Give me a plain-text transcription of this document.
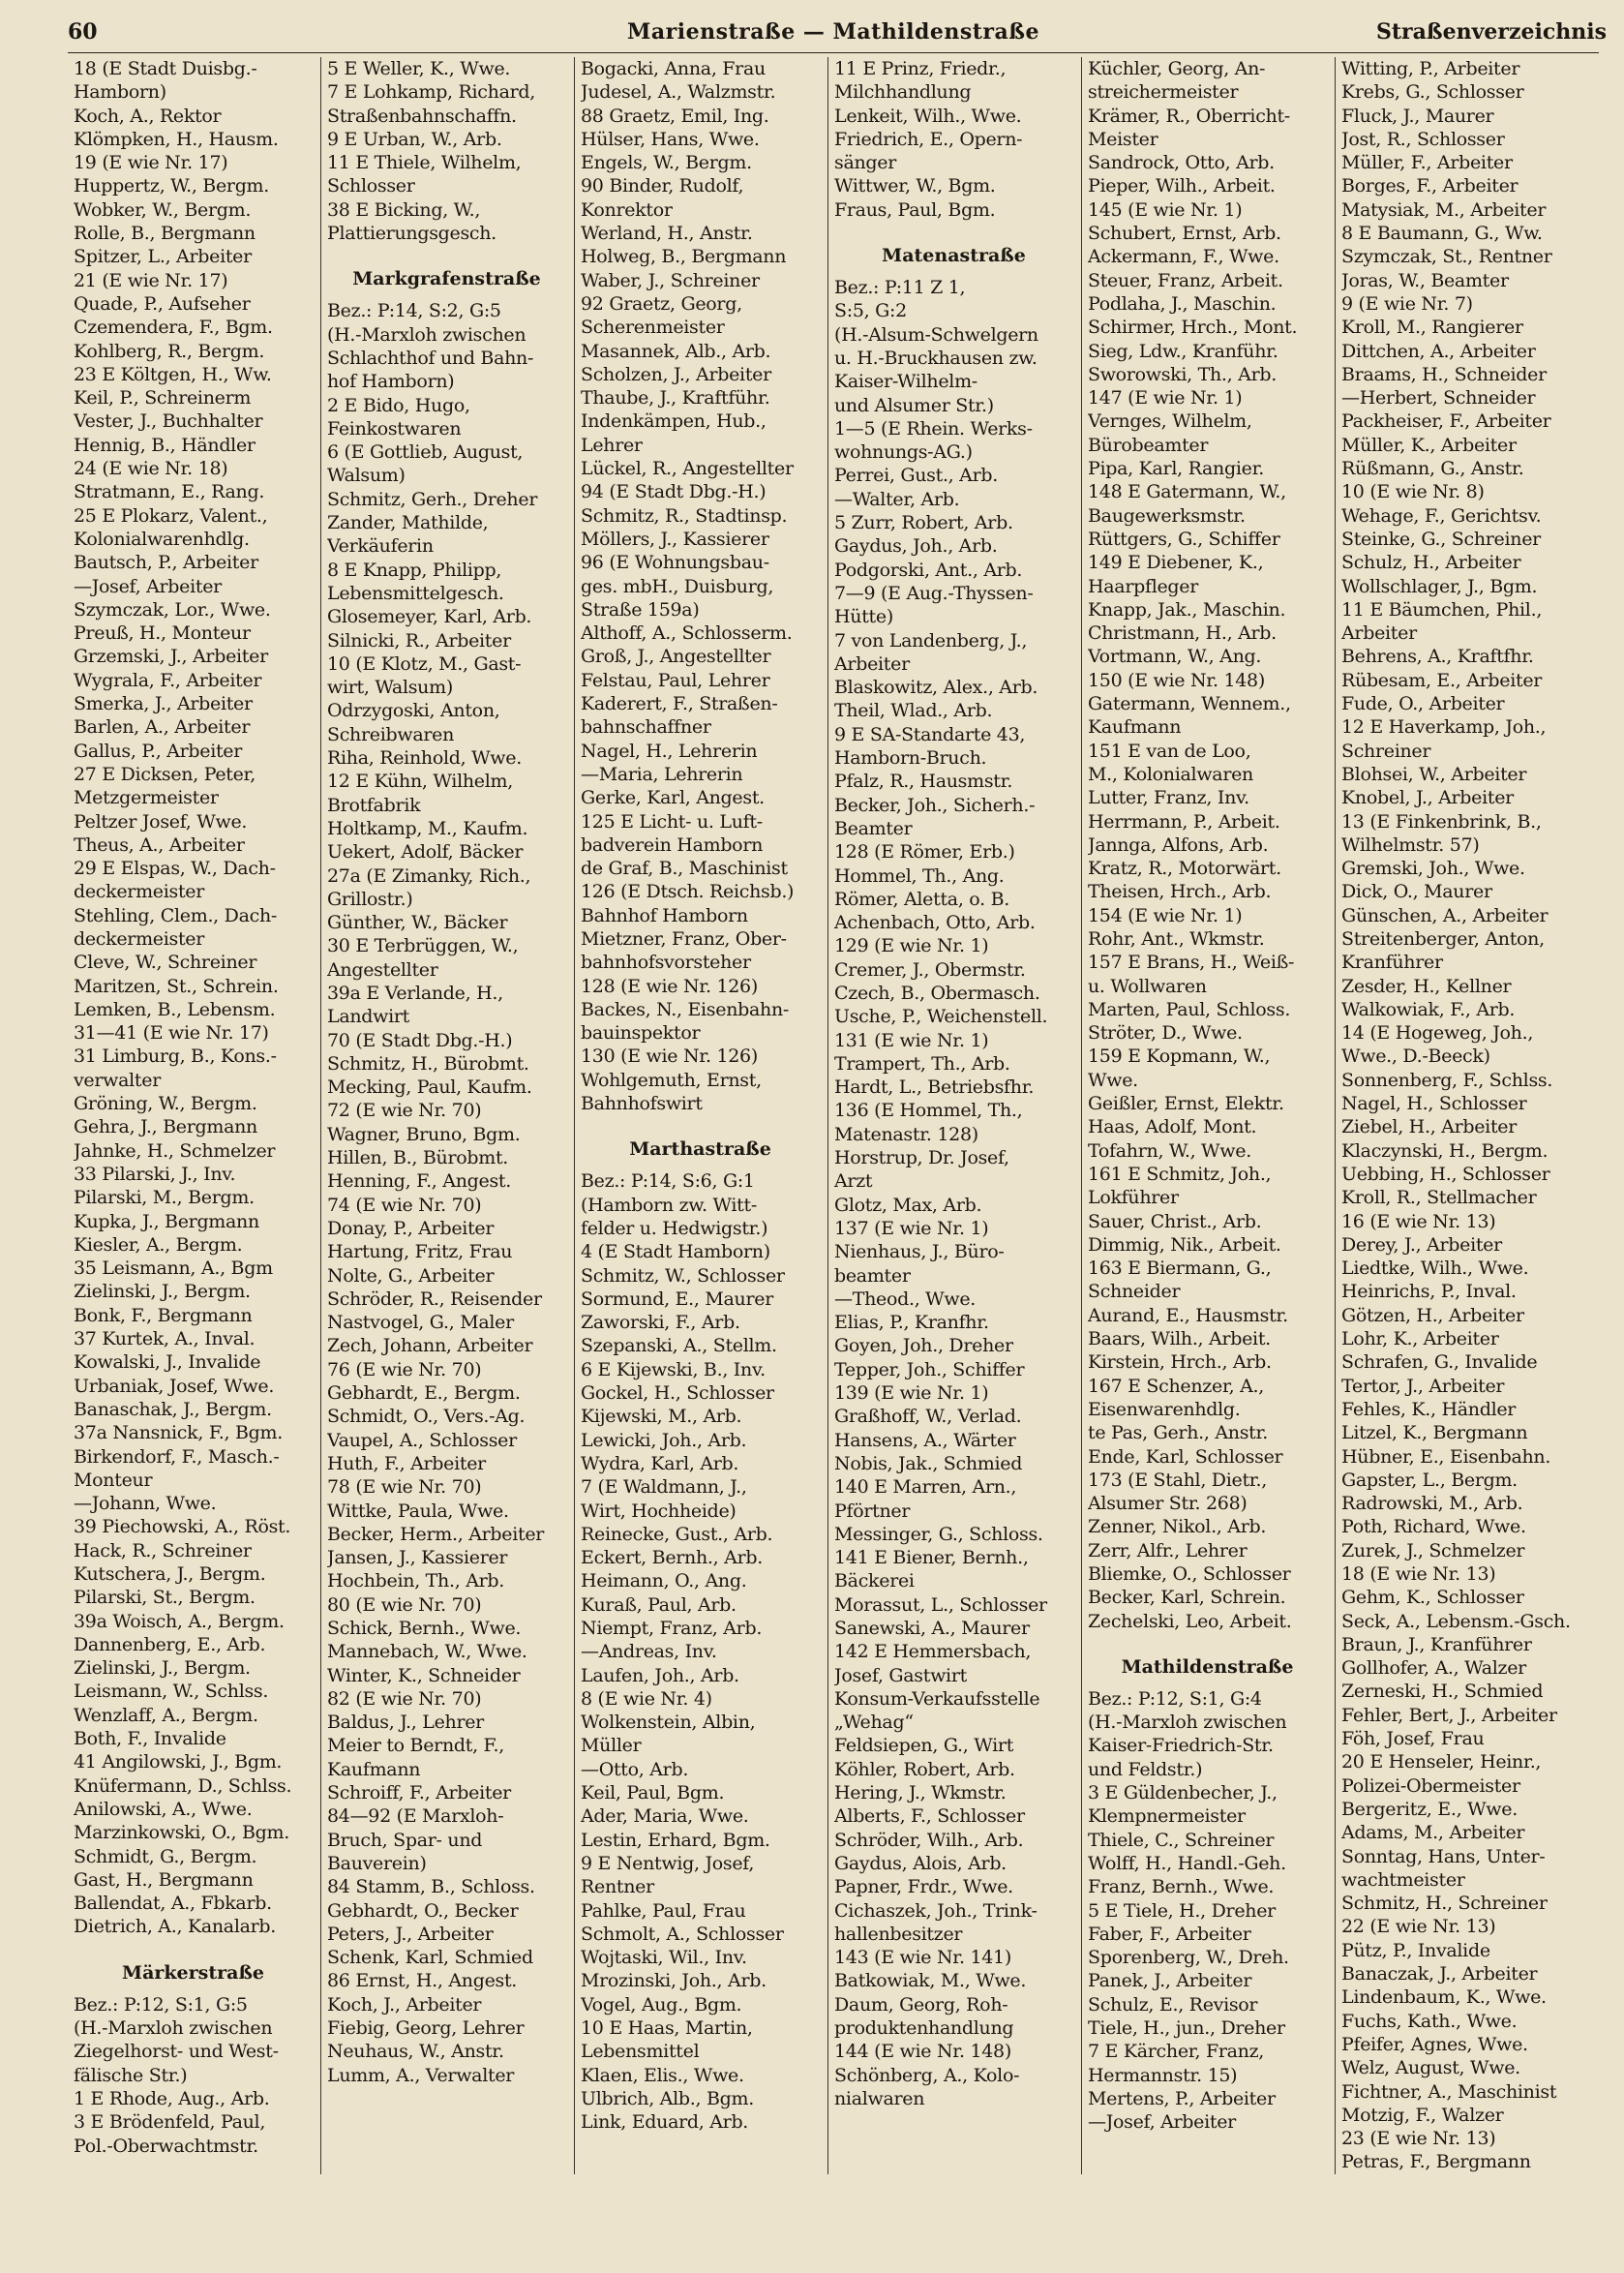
60	Marienstraße — Mathildenstraße	Straßenverzeichnis
18 (E Stadt Duisbg.-
Hamborn)
Koch, A., Rektor
Klömpken, H., Hausm.
19 (E wie Nr. 17)
Huppertz, W., Bergm.
Wobker, W., Bergm.
Rolle, B., Bergmann
Spitzer, L., Arbeiter
21 (E wie Nr. 17)
Quade, P., Aufseher
Czemendera, F., Bgm.
Kohlberg, R., Bergm.
23 E Költgen, H., Ww.
Keil, P., Schreinerm
Vester, J., Buchhalter
Hennig, B., Händler
24 (E wie Nr. 18)
Stratmann, E., Rang.
25 E Plokarz, Valent.,
Kolonialwarenhdlg.
Bautsch, P., Arbeiter
—Josef, Arbeiter
Szymczak, Lor., Wwe.
Preuß, H., Monteur
Grzemski, J., Arbeiter
Wygrala, F., Arbeiter
Smerka, J., Arbeiter
Barlen, A., Arbeiter
Gallus, P., Arbeiter
27 E Dicksen, Peter,
Metzgermeister
Peltzer Josef, Wwe.
Theus, A., Arbeiter
29 E Elspas, W., Dach-
deckermeister
Stehling, Clem., Dach-
deckermeister
Cleve, W., Schreiner
Maritzen, St., Schrein.
Lemken, B., Lebensm.
31—41 (E wie Nr. 17)
31 Limburg, B., Kons.-
verwalter
Gröning, W., Bergm.
Gehra, J., Bergmann
Jahnke, H., Schmelzer
33 Pilarski, J., Inv.
Pilarski, M., Bergm.
Kupka, J., Bergmann
Kiesler, A., Bergm.
35 Leismann, A., Bgm
Zielinski, J., Bergm.
Bonk, F., Bergmann
37 Kurtek, A., Inval.
Kowalski, J., Invalide
Urbaniak, Josef, Wwe.
Banaschak, J., Bergm.
37a Nansnick, F., Bgm.
Birkendorf, F., Masch.-
Monteur
—Johann, Wwe.
39 Piechowski, A., Röst.
Hack, R., Schreiner
Kutschera, J., Bergm.
Pilarski, St., Bergm.
39a Woisch, A., Bergm.
Dannenberg, E., Arb.
Zielinski, J., Bergm.
Leismann, W., Schlss.
Wenzlaff, A., Bergm.
Both, F., Invalide
41 Angilowski, J., Bgm.
Knüfermann, D., Schlss.
Anilowski, A., Wwe.
Marzinkowski, O., Bgm.
Schmidt, G., Bergm.
Gast, H., Bergmann
Ballendat, A., Fbkarb.
Dietrich, A., Kanalarb.
Märkerstraße
Bez.: P:12, S:1, G:5
(H.-Marxloh zwischen
Ziegelhorst- und West-
fälische Str.)
1 E Rhode, Aug., Arb.
3 E Brödenfeld, Paul,
Pol.-Oberwachtmstr.
5 E Weller, K., Wwe.
7 E Lohkamp, Richard,
Straßenbahnschaffn.
9 E Urban, W., Arb.
11 E Thiele, Wilhelm,
Schlosser
38 E Bicking, W.,
Plattierungsgesch.
Markgrafenstraße
Bez.: P:14, S:2, G:5
(H.-Marxloh zwischen
Schlachthof und Bahn-
hof Hamborn)
2 E Bido, Hugo,
Feinkostwaren
6 (E Gottlieb, August,
Walsum)
Schmitz, Gerh., Dreher
Zander, Mathilde,
Verkäuferin
8 E Knapp, Philipp,
Lebensmittelgesch.
Glosemeyer, Karl, Arb.
Silnicki, R., Arbeiter
10 (E Klotz, M., Gast-
wirt, Walsum)
Odrzygoski, Anton,
Schreibwaren
Riha, Reinhold, Wwe.
12 E Kühn, Wilhelm,
Brotfabrik
Holtkamp, M., Kaufm.
Uekert, Adolf, Bäcker
27a (E Zimanky, Rich.,
Grillostr.)
Günther, W., Bäcker
30 E Terbrüggen, W.,
Angestellter
39a E Verlande, H.,
Landwirt
70 (E Stadt Dbg.-H.)
Schmitz, H., Bürobmt.
Mecking, Paul, Kaufm.
72 (E wie Nr. 70)
Wagner, Bruno, Bgm.
Hillen, B., Bürobmt.
Henning, F., Angest.
74 (E wie Nr. 70)
Donay, P., Arbeiter
Hartung, Fritz, Frau
Nolte, G., Arbeiter
Schröder, R., Reisender
Nastvogel, G., Maler
Zech, Johann, Arbeiter
76 (E wie Nr. 70)
Gebhardt, E., Bergm.
Schmidt, O., Vers.-Ag.
Vaupel, A., Schlosser
Huth, F., Arbeiter
78 (E wie Nr. 70)
Wittke, Paula, Wwe.
Becker, Herm., Arbeiter
Jansen, J., Kassierer
Hochbein, Th., Arb.
80 (E wie Nr. 70)
Schick, Bernh., Wwe.
Mannebach, W., Wwe.
Winter, K., Schneider
82 (E wie Nr. 70)
Baldus, J., Lehrer
Meier to Berndt, F.,
Kaufmann
Schroiff, F., Arbeiter
84—92 (E Marxloh-
Bruch, Spar- und
Bauverein)
84 Stamm, B., Schloss.
Gebhardt, O., Becker
Peters, J., Arbeiter
Schenk, Karl, Schmied
86 Ernst, H., Angest.
Koch, J., Arbeiter
Fiebig, Georg, Lehrer
Neuhaus, W., Anstr.
Lumm, A., Verwalter
Bogacki, Anna, Frau
Judesel, A., Walzmstr.
88 Graetz, Emil, Ing.
Hülser, Hans, Wwe.
Engels, W., Bergm.
90 Binder, Rudolf,
Konrektor
Werland, H., Anstr.
Holweg, B., Bergmann
Waber, J., Schreiner
92 Graetz, Georg,
Scherenmeister
Masannek, Alb., Arb.
Scholzen, J., Arbeiter
Thaube, J., Kraftführ.
Indenkämpen, Hub.,
Lehrer
Lückel, R., Angestellter
94 (E Stadt Dbg.-H.)
Schmitz, R., Stadtinsp.
Möllers, J., Kassierer
96 (E Wohnungsbau-
ges. mbH., Duisburg,
Straße 159a)
Althoff, A., Schlosserm.
Groß, J., Angestellter
Felstau, Paul, Lehrer
Kaderert, F., Straßen-
bahnschaffner
Nagel, H., Lehrerin
—Maria, Lehrerin
Gerke, Karl, Angest.
125 E Licht- u. Luft-
badverein Hamborn
de Graf, B., Maschinist
126 (E Dtsch. Reichsb.)
Bahnhof Hamborn
Mietzner, Franz, Ober-
bahnhofsvorsteher
128 (E wie Nr. 126)
Backes, N., Eisenbahn-
bauinspektor
130 (E wie Nr. 126)
Wohlgemuth, Ernst,
Bahnhofswirt
Marthastraße
Bez.: P:14, S:6, G:1
(Hamborn zw. Witt-
felder u. Hedwigstr.)
4 (E Stadt Hamborn)
Schmitz, W., Schlosser
Sormund, E., Maurer
Zaworski, F., Arb.
Szepanski, A., Stellm.
6 E Kijewski, B., Inv.
Gockel, H., Schlosser
Kijewski, M., Arb.
Lewicki, Joh., Arb.
Wydra, Karl, Arb.
7 (E Waldmann, J.,
Wirt, Hochheide)
Reinecke, Gust., Arb.
Eckert, Bernh., Arb.
Heimann, O., Ang.
Kuraß, Paul, Arb.
Niempt, Franz, Arb.
—Andreas, Inv.
Laufen, Joh., Arb.
8 (E wie Nr. 4)
Wolkenstein, Albin,
Müller
—Otto, Arb.
Keil, Paul, Bgm.
Ader, Maria, Wwe.
Lestin, Erhard, Bgm.
9 E Nentwig, Josef,
Rentner
Pahlke, Paul, Frau
Schmolt, A., Schlosser
Wojtaski, Wil., Inv.
Mrozinski, Joh., Arb.
Vogel, Aug., Bgm.
10 E Haas, Martin,
Lebensmittel
Klaen, Elis., Wwe.
Ulbrich, Alb., Bgm.
Link, Eduard, Arb.
11 E Prinz, Friedr.,
Milchhandlung
Lenkeit, Wilh., Wwe.
Friedrich, E., Opern-
sänger
Wittwer, W., Bgm.
Fraus, Paul, Bgm.
Matenastraße
Bez.: P:11 Z 1,
S:5, G:2
(H.-Alsum-Schwelgern
u. H.-Bruckhausen zw.
Kaiser-Wilhelm-
und Alsumer Str.)
1—5 (E Rhein. Werks-
wohnungs-AG.)
Perrei, Gust., Arb.
—Walter, Arb.
5 Zurr, Robert, Arb.
Gaydus, Joh., Arb.
Podgorski, Ant., Arb.
7—9 (E Aug.-Thyssen-
Hütte)
7 von Landenberg, J.,
Arbeiter
Blaskowitz, Alex., Arb.
Theil, Wlad., Arb.
9 E SA-Standarte 43,
Hamborn-Bruch.
Pfalz, R., Hausmstr.
Becker, Joh., Sicherh.-
Beamter
128 (E Römer, Erb.)
Hommel, Th., Ang.
Römer, Aletta, o. B.
Achenbach, Otto, Arb.
129 (E wie Nr. 1)
Cremer, J., Obermstr.
Czech, B., Obermasch.
Usche, P., Weichenstell.
131 (E wie Nr. 1)
Trampert, Th., Arb.
Hardt, L., Betriebsfhr.
136 (E Hommel, Th.,
Matenastr. 128)
Horstrup, Dr. Josef,
Arzt
Glotz, Max, Arb.
137 (E wie Nr. 1)
Nienhaus, J., Büro-
beamter
—Theod., Wwe.
Elias, P., Kranfhr.
Goyen, Joh., Dreher
Tepper, Joh., Schiffer
139 (E wie Nr. 1)
Graßhoff, W., Verlad.
Hansens, A., Wärter
Nobis, Jak., Schmied
140 E Marren, Arn.,
Pförtner
Messinger, G., Schloss.
141 E Biener, Bernh.,
Bäckerei
Morassut, L., Schlosser
Sanewski, A., Maurer
142 E Hemmersbach,
Josef, Gastwirt
Konsum-Verkaufsstelle
„Wehag“
Feldsiepen, G., Wirt
Köhler, Robert, Arb.
Hering, J., Wkmstr.
Alberts, F., Schlosser
Schröder, Wilh., Arb.
Gaydus, Alois, Arb.
Papner, Frdr., Wwe.
Cichaszek, Joh., Trink-
hallenbesitzer
143 (E wie Nr. 141)
Batkowiak, M., Wwe.
Daum, Georg, Roh-
produktenhandlung
144 (E wie Nr. 148)
Schönberg, A., Kolo-
nialwaren
Küchler, Georg, An-
streichermeister
Krämer, R., Oberricht-
Meister
Sandrock, Otto, Arb.
Pieper, Wilh., Arbeit.
145 (E wie Nr. 1)
Schubert, Ernst, Arb.
Ackermann, F., Wwe.
Steuer, Franz, Arbeit.
Podlaha, J., Maschin.
Schirmer, Hrch., Mont.
Sieg, Ldw., Kranführ.
Sworowski, Th., Arb.
147 (E wie Nr. 1)
Vernges, Wilhelm,
Bürobeamter
Pipa, Karl, Rangier.
148 E Gatermann, W.,
Baugewerksmstr.
Rüttgers, G., Schiffer
149 E Diebener, K.,
Haarpfleger
Knapp, Jak., Maschin.
Christmann, H., Arb.
Vortmann, W., Ang.
150 (E wie Nr. 148)
Gatermann, Wennem.,
Kaufmann
151 E van de Loo,
M., Kolonialwaren
Lutter, Franz, Inv.
Herrmann, P., Arbeit.
Jannga, Alfons, Arb.
Kratz, R., Motorwärt.
Theisen, Hrch., Arb.
154 (E wie Nr. 1)
Rohr, Ant., Wkmstr.
157 E Brans, H., Weiß-
u. Wollwaren
Marten, Paul, Schloss.
Ströter, D., Wwe.
159 E Kopmann, W.,
Wwe.
Geißler, Ernst, Elektr.
Haas, Adolf, Mont.
Tofahrn, W., Wwe.
161 E Schmitz, Joh.,
Lokführer
Sauer, Christ., Arb.
Dimmig, Nik., Arbeit.
163 E Biermann, G.,
Schneider
Aurand, E., Hausmstr.
Baars, Wilh., Arbeit.
Kirstein, Hrch., Arb.
167 E Schenzer, A.,
Eisenwarenhdlg.
te Pas, Gerh., Anstr.
Ende, Karl, Schlosser
173 (E Stahl, Dietr.,
Alsumer Str. 268)
Zenner, Nikol., Arb.
Zerr, Alfr., Lehrer
Bliemke, O., Schlosser
Becker, Karl, Schrein.
Zechelski, Leo, Arbeit.
Mathildenstraße
Bez.: P:12, S:1, G:4
(H.-Marxloh zwischen
Kaiser-Friedrich-Str.
und Feldstr.)
3 E Güldenbecher, J.,
Klempnermeister
Thiele, C., Schreiner
Wolff, H., Handl.-Geh.
Franz, Bernh., Wwe.
5 E Tiele, H., Dreher
Faber, F., Arbeiter
Sporenberg, W., Dreh.
Panek, J., Arbeiter
Schulz, E., Revisor
Tiele, H., jun., Dreher
7 E Kärcher, Franz,
Hermannstr. 15)
Mertens, P., Arbeiter
—Josef, Arbeiter
Witting, P., Arbeiter
Krebs, G., Schlosser
Fluck, J., Maurer
Jost, R., Schlosser
Müller, F., Arbeiter
Borges, F., Arbeiter
Matysiak, M., Arbeiter
8 E Baumann, G., Ww.
Szymczak, St., Rentner
Joras, W., Beamter
9 (E wie Nr. 7)
Kroll, M., Rangierer
Dittchen, A., Arbeiter
Braams, H., Schneider
—Herbert, Schneider
Packheiser, F., Arbeiter
Müller, K., Arbeiter
Rüßmann, G., Anstr.
10 (E wie Nr. 8)
Wehage, F., Gerichtsv.
Steinke, G., Schreiner
Schulz, H., Arbeiter
Wollschlager, J., Bgm.
11 E Bäumchen, Phil.,
Arbeiter
Behrens, A., Kraftfhr.
Rübesam, E., Arbeiter
Fude, O., Arbeiter
12 E Haverkamp, Joh.,
Schreiner
Blohsei, W., Arbeiter
Knobel, J., Arbeiter
13 (E Finkenbrink, B.,
Wilhelmstr. 57)
Gremski, Joh., Wwe.
Dick, O., Maurer
Günschen, A., Arbeiter
Streitenberger, Anton,
Kranführer
Zesder, H., Kellner
Walkowiak, F., Arb.
14 (E Hogeweg, Joh.,
Wwe., D.-Beeck)
Sonnenberg, F., Schlss.
Nagel, H., Schlosser
Ziebel, H., Arbeiter
Klaczynski, H., Bergm.
Uebbing, H., Schlosser
Kroll, R., Stellmacher
16 (E wie Nr. 13)
Derey, J., Arbeiter
Liedtke, Wilh., Wwe.
Heinrichs, P., Inval.
Götzen, H., Arbeiter
Lohr, K., Arbeiter
Schrafen, G., Invalide
Tertor, J., Arbeiter
Fehles, K., Händler
Litzel, K., Bergmann
Hübner, E., Eisenbahn.
Gapster, L., Bergm.
Radrowski, M., Arb.
Poth, Richard, Wwe.
Zurek, J., Schmelzer
18 (E wie Nr. 13)
Gehm, K., Schlosser
Seck, A., Lebensm.-Gsch.
Braun, J., Kranführer
Gollhofer, A., Walzer
Zerneski, H., Schmied
Fehler, Bert, J., Arbeiter
Föh, Josef, Frau
20 E Henseler, Heinr.,
Polizei-Obermeister
Bergeritz, E., Wwe.
Adams, M., Arbeiter
Sonntag, Hans, Unter-
wachtmeister
Schmitz, H., Schreiner
22 (E wie Nr. 13)
Pütz, P., Invalide
Banaczak, J., Arbeiter
Lindenbaum, K., Wwe.
Fuchs, Kath., Wwe.
Pfeifer, Agnes, Wwe.
Welz, August, Wwe.
Fichtner, A., Maschinist
Motzig, F., Walzer
23 (E wie Nr. 13)
Petras, F., Bergmann
